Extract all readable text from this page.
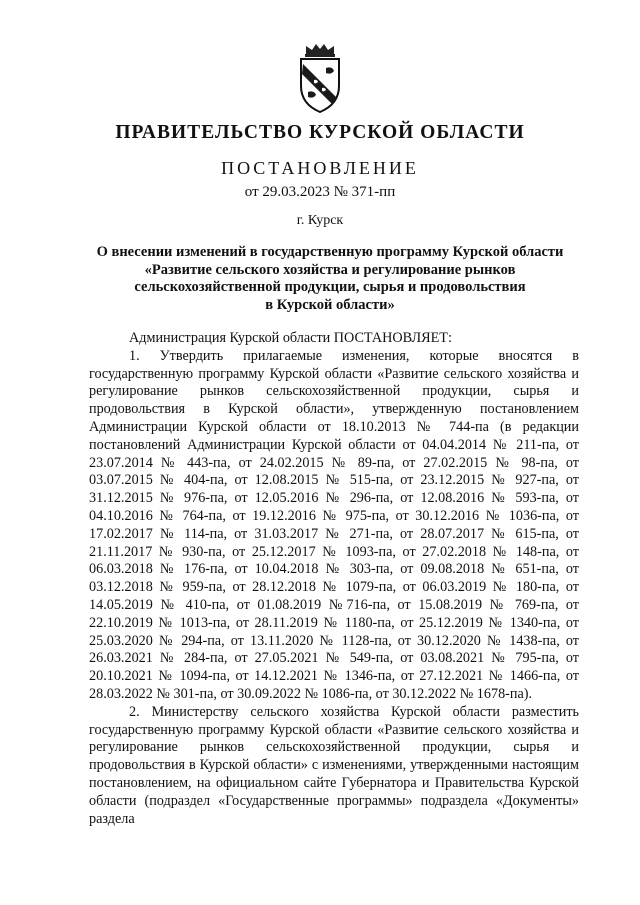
ПРАВИТЕЛЬСТВО КУРСКОЙ ОБЛАСТИ
ПОСТАНОВЛЕНИЕ
от 29.03.2023 № 371-пп
г. Курск
О внесении изменений в государственную программу Курской области
«Развитие сельского хозяйства и регулирование рынков
сельскохозяйственной продукции, сырья и продовольствия
в Курской области»

Администрация Курской области ПОСТАНОВЛЯЕТ:

1. Утвердить прилагаемые изменения, которые вносятся в государственную программу Курской области «Развитие сельского хозяйства и регулирование рынков сельскохозяйственной продукции, сырья и продовольствия в Курской области», утвержденную постановлением Администрации Курской области от 18.10.2013 № 744-па (в редакции постановлений Администрации Курской области от 04.04.2014 № 211-па, от 23.07.2014 № 443-па, от 24.02.2015 № 89-па, от 27.02.2015 № 98-па, от 03.07.2015 № 404-па, от 12.08.2015 № 515-па, от 23.12.2015 № 927-па, от 31.12.2015 № 976-па, от 12.05.2016 № 296-па, от 12.08.2016 № 593-па, от 04.10.2016 № 764-па, от 19.12.2016 № 975-па, от 30.12.2016 № 1036-па, от 17.02.2017 № 114-па, от 31.03.2017 № 271-па, от 28.07.2017 № 615-па, от 21.11.2017 № 930-па, от 25.12.2017 № 1093-па, от 27.02.2018 № 148-па, от 06.03.2018 № 176-па, от 10.04.2018 № 303-па, от 09.08.2018 № 651-па, от 03.12.2018 № 959-па, от 28.12.2018 № 1079-па, от 06.03.2019 № 180-па, от 14.05.2019 № 410-па, от 01.08.2019 №716-па, от 15.08.2019 № 769-па, от 22.10.2019 № 1013-па, от 28.11.2019 № 1180-па, от 25.12.2019 № 1340-па, от 25.03.2020 № 294-па, от 13.11.2020 № 1128-па, от 30.12.2020 № 1438-па, от 26.03.2021 № 284-па, от 27.05.2021 № 549-па, от 03.08.2021 № 795-па, от 20.10.2021 № 1094-па, от 14.12.2021 № 1346-па, от 27.12.2021 № 1466-па, от 28.03.2022 № 301-па, от 30.09.2022 № 1086-па, от 30.12.2022 № 1678-па).

2. Министерству сельского хозяйства Курской области разместить государственную программу Курской области «Развитие сельского хозяйства и регулирование рынков сельскохозяйственной продукции, сырья и продовольствия в Курской области» с изменениями, утвержденными настоящим постановлением, на официальном сайте Губернатора и Правительства Курской области (подраздел «Государственные программы» подраздела «Документы» раздела
